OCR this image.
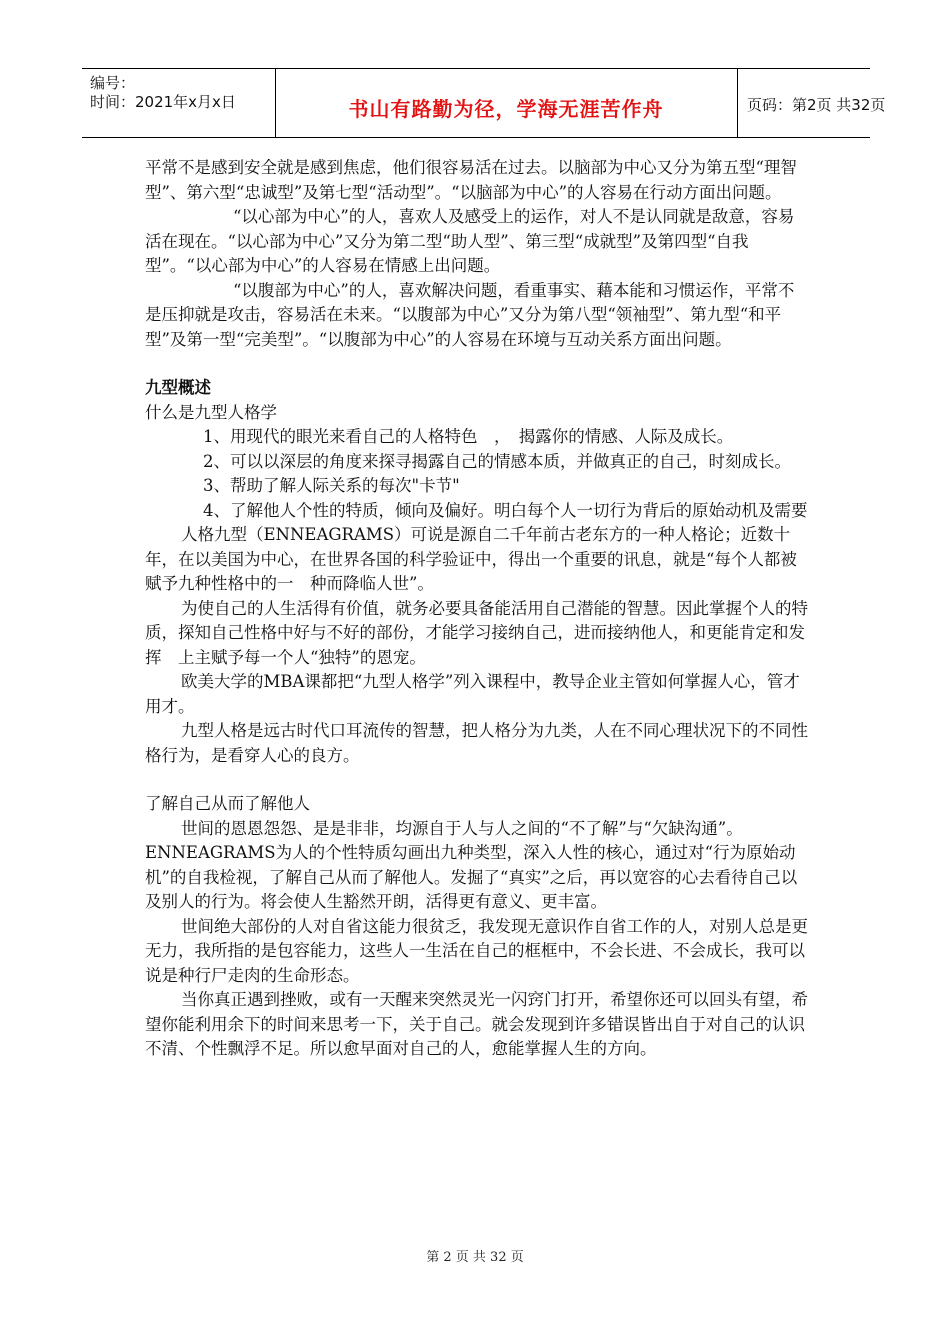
编号：
时间：2021年x月x日	书山有路勤为径，学海无涯苦作舟	页码：第2页 共32页

平常不是感到安全就是感到焦虑，他们很容易活在过去。以脑部为中心又分为第五型“理智型”、第六型“忠诚型”及第七型“活动型”。“以脑部为中心”的人容易在行动方面出问题。

“以心部为中心”的人，喜欢人及感受上的运作，对人不是认同就是敌意，容易活在现在。“以心部为中心”又分为第二型“助人型”、第三型“成就型”及第四型“自我型”。“以心部为中心”的人容易在情感上出问题。

“以腹部为中心”的人，喜欢解决问题，看重事实、藉本能和习惯运作，平常不是压抑就是攻击，容易活在未来。“以腹部为中心”又分为第八型“领袖型”、第九型“和平型”及第一型“完美型”。“以腹部为中心”的人容易在环境与互动关系方面出问题。

九型概述

什么是九型人格学

1、用现代的眼光来看自己的人格特色　，　揭露你的情感、人际及成长。

2、可以以深层的角度来探寻揭露自己的情感本质，并做真正的自己，时刻成长。

3、帮助了解人际关系的每次"卡节"

4、了解他人个性的特质，倾向及偏好。明白每个人一切行为背后的原始动机及需要

人格九型（ENNEAGRAMS）可说是源自二千年前古老东方的一种人格论；近数十年，在以美国为中心，在世界各国的科学验证中，得出一个重要的讯息，就是“每个人都被赋予九种性格中的一　种而降临人世”。

为使自己的人生活得有价值，就务必要具备能活用自己潜能的智慧。因此掌握个人的特质，探知自己性格中好与不好的部份，才能学习接纳自己，进而接纳他人，和更能肯定和发挥　上主赋予每一个人“独特”的恩宠。

欧美大学的MBA课都把“九型人格学”列入课程中，教导企业主管如何掌握人心，管才用才。

九型人格是远古时代口耳流传的智慧，把人格分为九类，人在不同心理状况下的不同性格行为，是看穿人心的良方。

了解自己从而了解他人

世间的恩恩怨怨、是是非非，均源自于人与人之间的“不了解”与“欠缺沟通”。ENNEAGRAMS为人的个性特质勾画出九种类型，深入人性的核心，通过对“行为原始动机”的自我检视，了解自己从而了解他人。发掘了“真实”之后，再以宽容的心去看待自己以及别人的行为。将会使人生豁然开朗，活得更有意义、更丰富。

世间绝大部份的人对自省这能力很贫乏，我发现无意识作自省工作的人，对别人总是更无力，我所指的是包容能力，这些人一生活在自己的框框中，不会长进、不会成长，我可以说是种行尸走肉的生命形态。

当你真正遇到挫败，或有一天醒来突然灵光一闪窍门打开，希望你还可以回头有望，希望你能利用余下的时间来思考一下，关于自己。就会发现到许多错误皆出自于对自己的认识不清、个性飘浮不足。所以愈早面对自己的人，愈能掌握人生的方向。

第 2 页 共 32 页
